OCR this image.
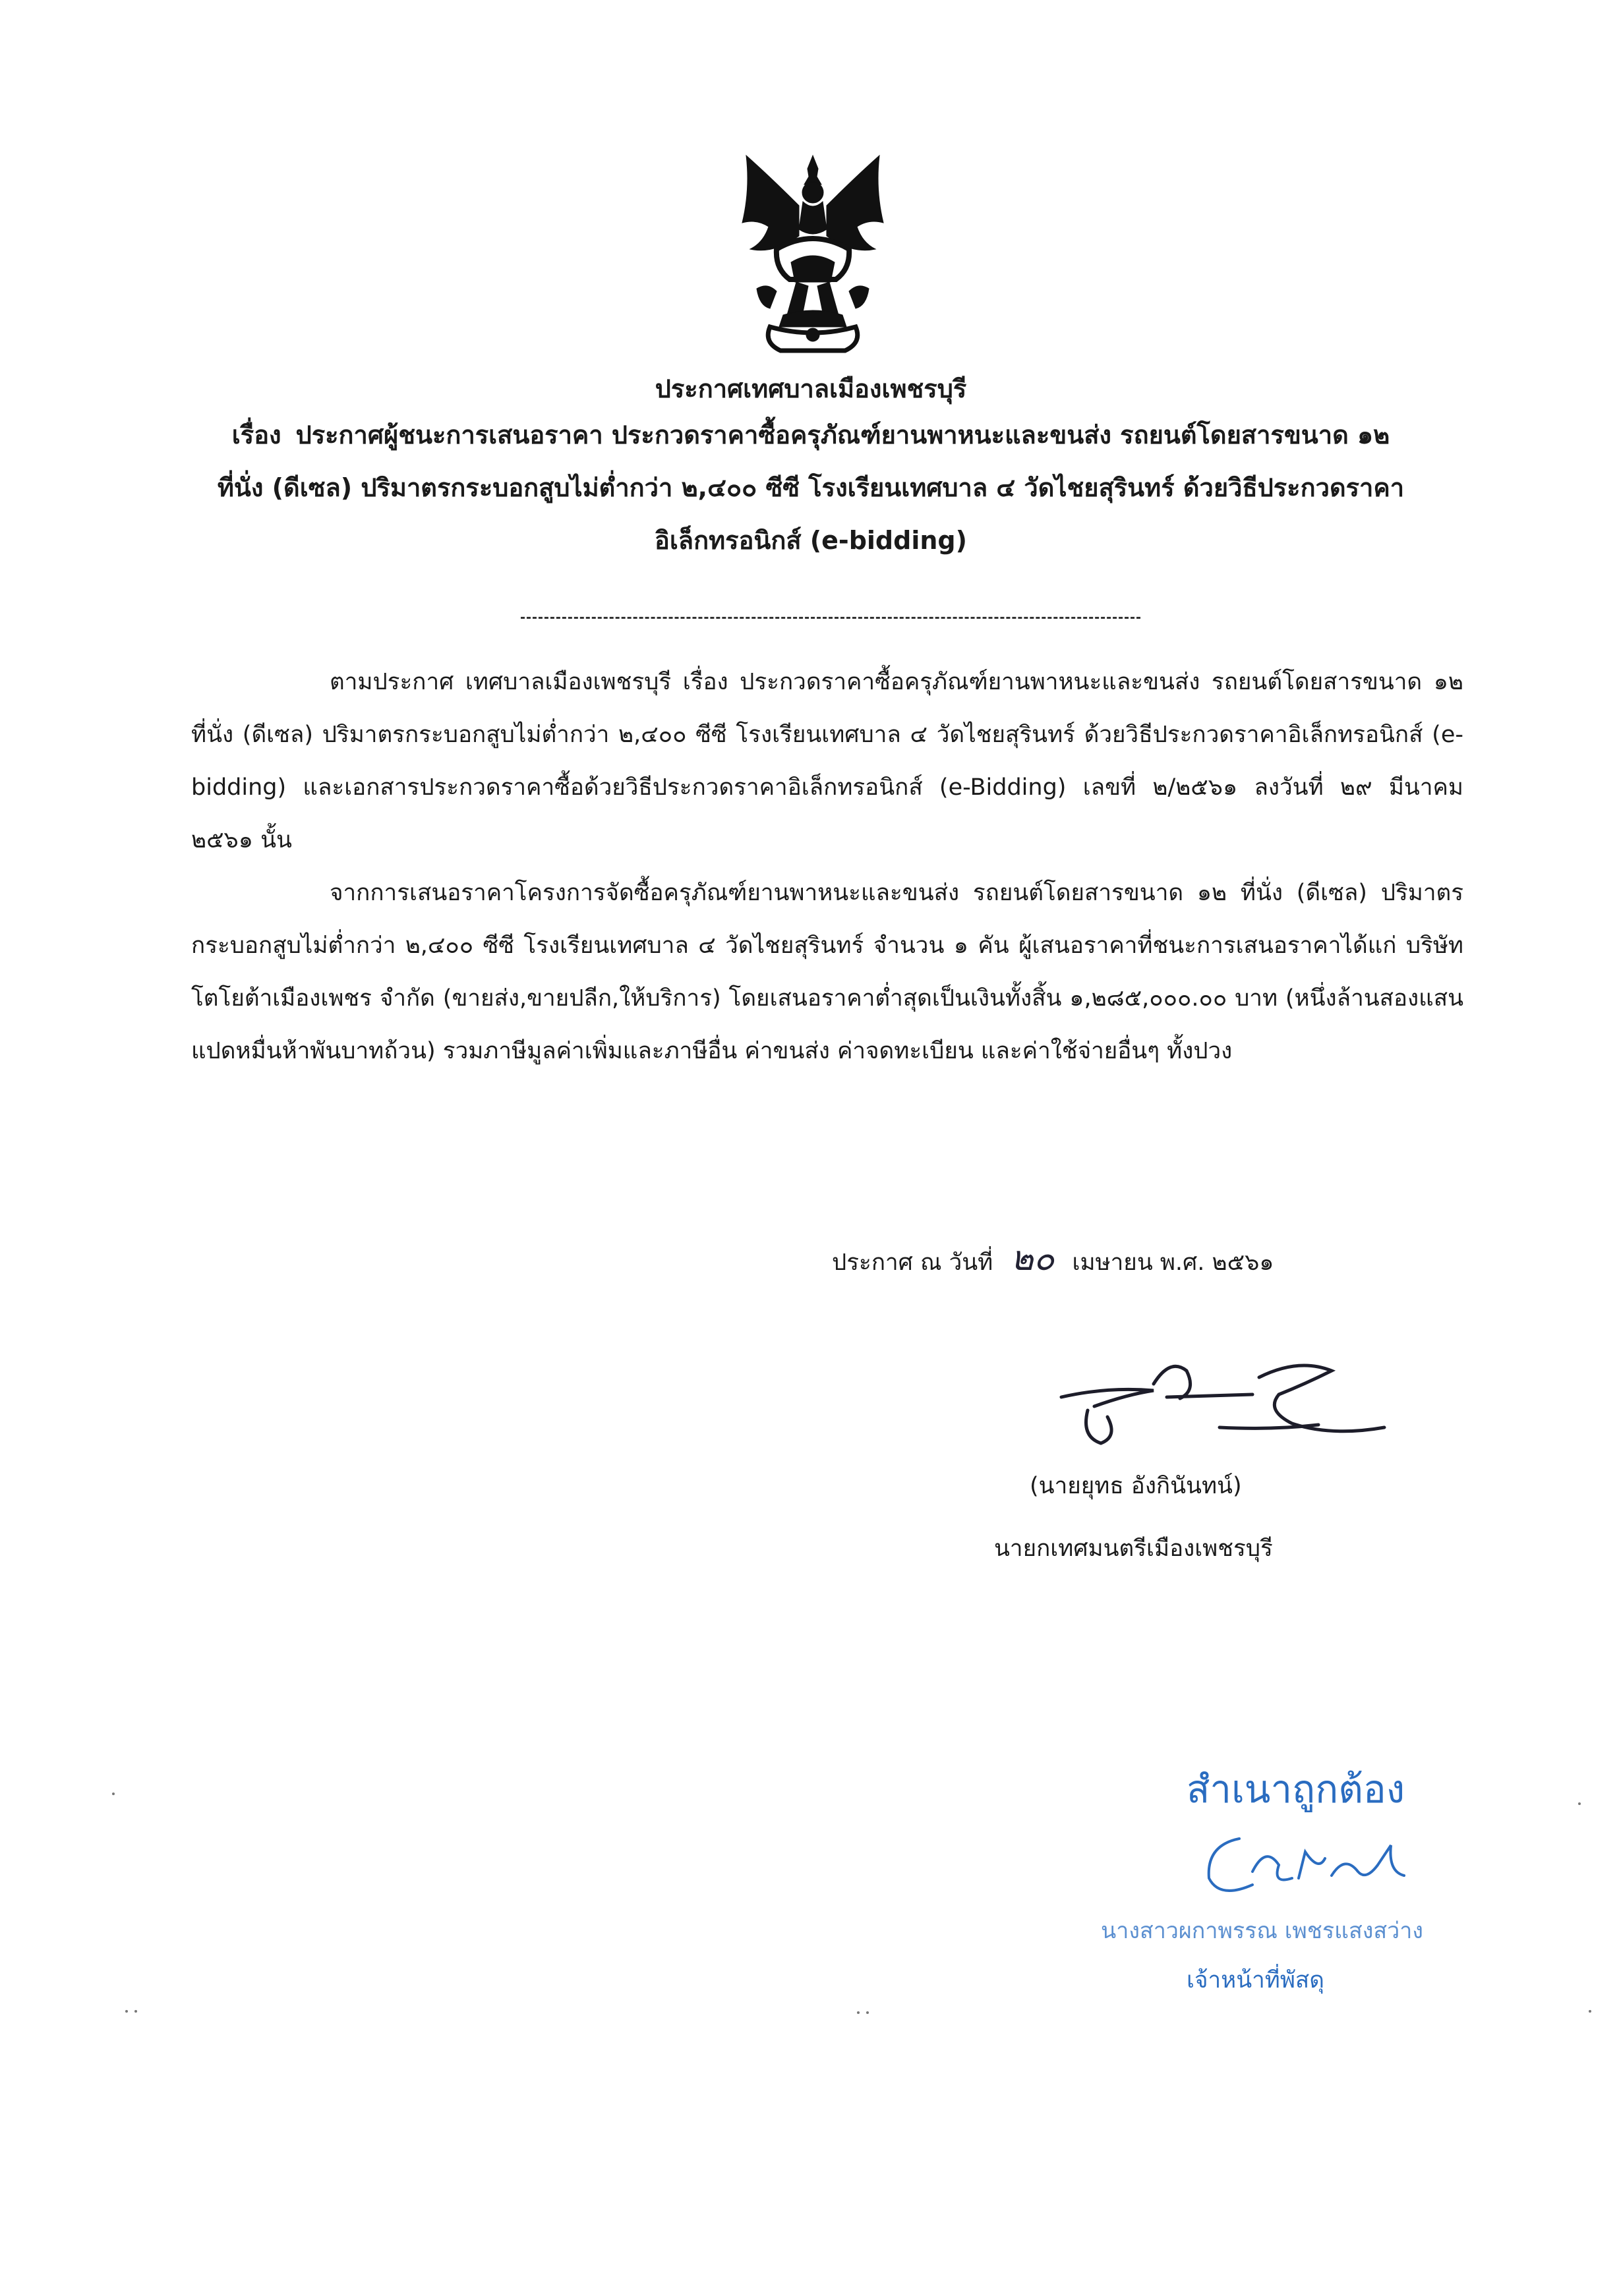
ประกาศเทศบาลเมืองเพชรบุรี
เรื่อง ประกาศผู้ชนะการเสนอราคา ประกวดราคาซื้อครุภัณฑ์ยานพาหนะและขนส่ง รถยนต์โดยสารขนาด ๑๒
ที่นั่ง (ดีเซล) ปริมาตรกระบอกสูบไม่ต่ำกว่า ๒,๔๐๐ ซีซี โรงเรียนเทศบาล ๔ วัดไชยสุรินทร์ ด้วยวิธีประกวดราคา
อิเล็กทรอนิกส์ (e-bidding)

ตามประกาศ เทศบาลเมืองเพชรบุรี เรื่อง ประกวดราคาซื้อครุภัณฑ์ยานพาหนะและขนส่ง รถยนต์โดยสารขนาด ๑๒ ที่นั่ง (ดีเซล) ปริมาตรกระบอกสูบไม่ต่ำกว่า ๒,๔๐๐ ซีซี โรงเรียนเทศบาล ๔ วัดไชยสุรินทร์ ด้วยวิธีประกวดราคาอิเล็กทรอนิกส์ (e-bidding) และเอกสารประกวดราคาซื้อด้วยวิธีประกวดราคาอิเล็กทรอนิกส์ (e-Bidding) เลขที่ ๒/๒๕๖๑ ลงวันที่ ๒๙ มีนาคม ๒๕๖๑ นั้น

จากการเสนอราคาโครงการจัดซื้อครุภัณฑ์ยานพาหนะและขนส่ง รถยนต์โดยสารขนาด ๑๒ ที่นั่ง (ดีเซล) ปริมาตรกระบอกสูบไม่ต่ำกว่า ๒,๔๐๐ ซีซี โรงเรียนเทศบาล ๔ วัดไชยสุรินทร์ จำนวน ๑ คัน ผู้เสนอราคาที่ชนะการเสนอราคาได้แก่ บริษัท โตโยต้าเมืองเพชร จำกัด (ขายส่ง,ขายปลีก,ให้บริการ) โดยเสนอราคาต่ำสุดเป็นเงินทั้งสิ้น ๑,๒๘๕,๐๐๐.๐๐ บาท (หนึ่งล้านสองแสนแปดหมื่นห้าพันบาทถ้วน) รวมภาษีมูลค่าเพิ่มและภาษีอื่น ค่าขนส่ง ค่าจดทะเบียน และค่าใช้จ่ายอื่นๆ ทั้งปวง

ประกาศ ณ วันที่ ๒๐ เมษายน พ.ศ. ๒๕๖๑
(นายยุทธ อังกินันทน์)
นายกเทศมนตรีเมืองเพชรบุรี
สำเนาถูกต้อง
นางสาวผกาพรรณ เพชรแสงสว่าง
เจ้าหน้าที่พัสดุ
